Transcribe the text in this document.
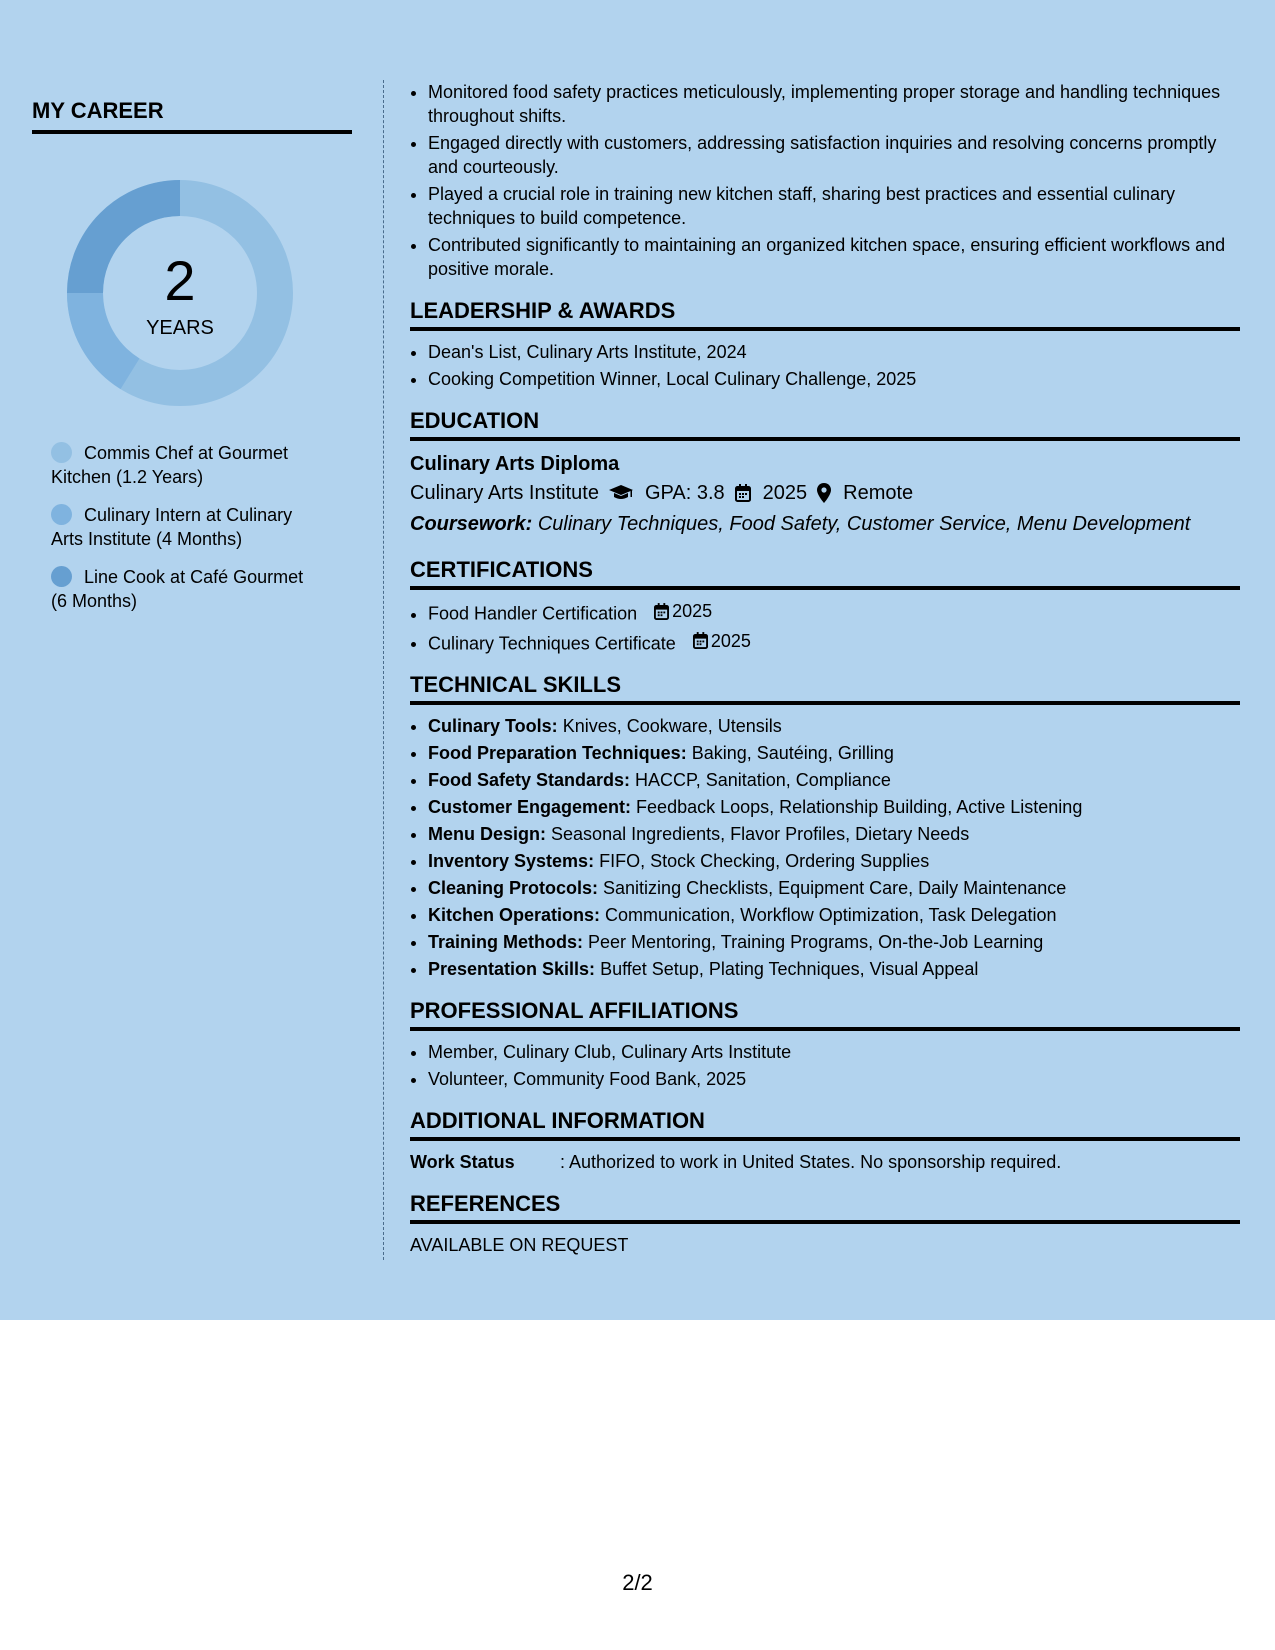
MY CAREER
2
YEARS
Commis Chef at Gourmet Kitchen (1.2 Years)
Culinary Intern at Culinary Arts Institute (4 Months)
Line Cook at Café Gourmet (6 Months)
• Monitored food safety practices meticulously, implementing proper storage and handling techniques throughout shifts.
• Engaged directly with customers, addressing satisfaction inquiries and resolving concerns promptly and courteously.
• Played a crucial role in training new kitchen staff, sharing best practices and essential culinary techniques to build competence.
• Contributed significantly to maintaining an organized kitchen space, ensuring efficient workflows and positive morale.
LEADERSHIP & AWARDS
• Dean's List, Culinary Arts Institute, 2024
• Cooking Competition Winner, Local Culinary Challenge, 2025
EDUCATION
Culinary Arts Diploma
Culinary Arts Institute GPA: 3.8 2025 Remote
Coursework: Culinary Techniques, Food Safety, Customer Service, Menu Development
CERTIFICATIONS
• Food Handler Certification 2025
• Culinary Techniques Certificate 2025
TECHNICAL SKILLS
• Culinary Tools: Knives, Cookware, Utensils
• Food Preparation Techniques: Baking, Sautéing, Grilling
• Food Safety Standards: HACCP, Sanitation, Compliance
• Customer Engagement: Feedback Loops, Relationship Building, Active Listening
• Menu Design: Seasonal Ingredients, Flavor Profiles, Dietary Needs
• Inventory Systems: FIFO, Stock Checking, Ordering Supplies
• Cleaning Protocols: Sanitizing Checklists, Equipment Care, Daily Maintenance
• Kitchen Operations: Communication, Workflow Optimization, Task Delegation
• Training Methods: Peer Mentoring, Training Programs, On-the-Job Learning
• Presentation Skills: Buffet Setup, Plating Techniques, Visual Appeal
PROFESSIONAL AFFILIATIONS
• Member, Culinary Club, Culinary Arts Institute
• Volunteer, Community Food Bank, 2025
ADDITIONAL INFORMATION
Work Status	: Authorized to work in United States. No sponsorship required.
REFERENCES
AVAILABLE ON REQUEST
2/2
